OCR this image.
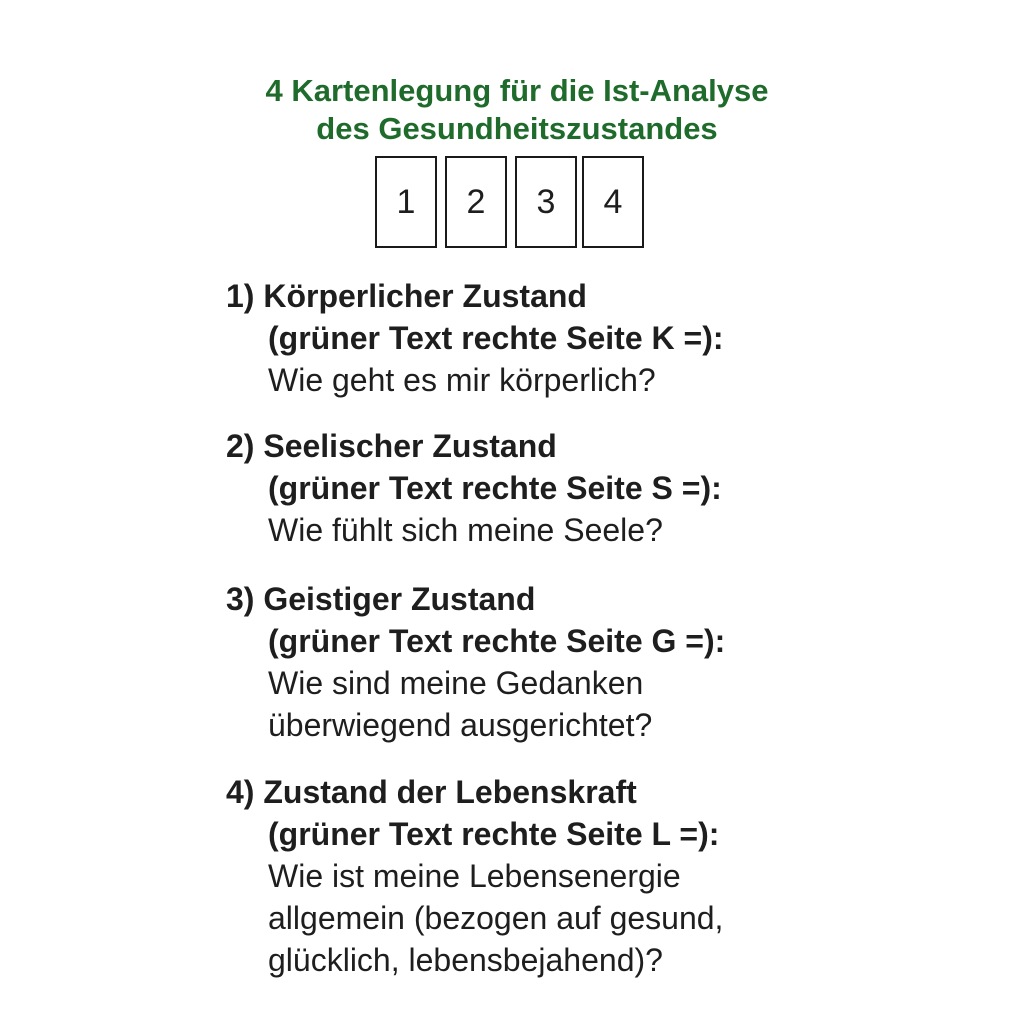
4 Kartenlegung für die Ist-Analyse
des Gesundheitszustandes
1	2	3	4
1) Körperlicher Zustand
(grüner Text rechte Seite K =):
Wie geht es mir körperlich?
2) Seelischer Zustand
(grüner Text rechte Seite S =):
Wie fühlt sich meine Seele?
3) Geistiger Zustand
(grüner Text rechte Seite G =):
Wie sind meine Gedanken
überwiegend ausgerichtet?
4) Zustand der Lebenskraft
(grüner Text rechte Seite L =):
Wie ist meine Lebensenergie
allgemein (bezogen auf gesund,
glücklich, lebensbejahend)?
